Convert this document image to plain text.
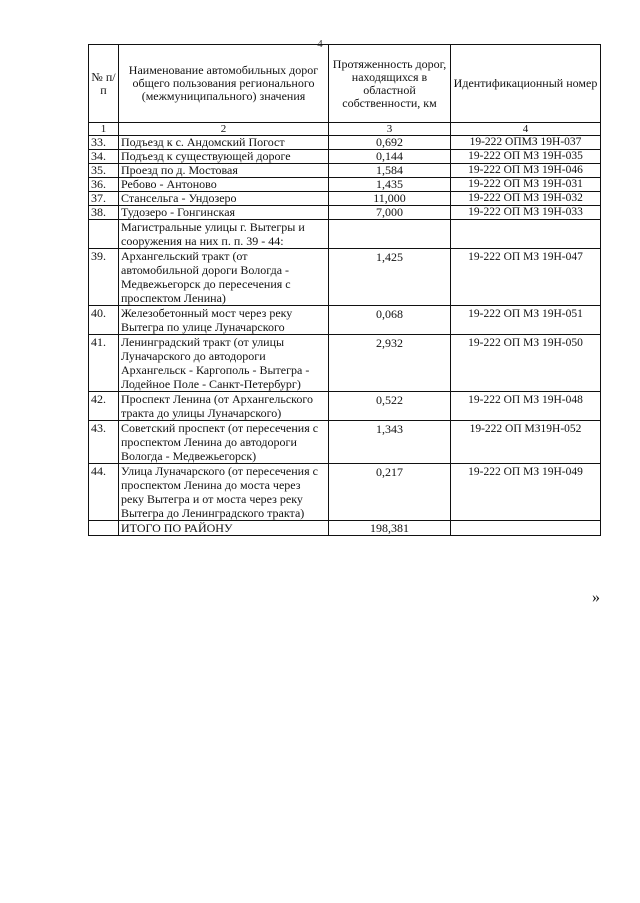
4
№ п/п	Наименование автомобильных дорог общего пользования регионального (межмуниципального) значения	Протяженность дорог, находящихся в областной собственности, км	Идентификационный номер
1	2	3	4
33.	Подъезд к с. Андомский Погост	0,692	19-222 ОПМЗ 19Н-037
34.	Подъезд к существующей дороге	0,144	19-222 ОП МЗ 19Н-035
35.	Проезд по д. Мостовая	1,584	19-222 ОП МЗ 19Н-046
36.	Ребово - Антоново	1,435	19-222 ОП МЗ 19Н-031
37.	Стансельга - Ундозеро	11,000	19-222 ОП МЗ 19Н-032
38.	Тудозеро - Гонгинская	7,000	19-222 ОП МЗ 19Н-033
	Магистральные улицы г. Вытегры и сооружения на них п. п. 39 - 44:		
39.	Архангельский тракт (от автомобильной дороги Вологда - Медвежьегорск до пересечения с проспектом Ленина)	1,425	19-222 ОП МЗ 19Н-047
40.	Железобетонный мост через реку Вытегра по улице Луначарского	0,068	19-222 ОП МЗ 19Н-051
41.	Ленинградский тракт (от улицы Луначарского до автодороги Архангельск - Каргополь - Вытегра - Лодейное Поле - Санкт-Петербург)	2,932	19-222 ОП МЗ 19Н-050
42.	Проспект Ленина (от Архангельского тракта до улицы Луначарского)	0,522	19-222 ОП МЗ 19Н-048
43.	Советский проспект (от пересечения с проспектом Ленина до автодороги Вологда - Медвежьегорск)	1,343	19-222 ОП МЗ19Н-052
44.	Улица Луначарского (от пересечения с проспектом Ленина до моста через реку Вытегра и от моста через реку Вытегра до Ленинградского тракта)	0,217	19-222 ОП МЗ 19Н-049
	ИТОГО ПО РАЙОНУ	198,381	
»
